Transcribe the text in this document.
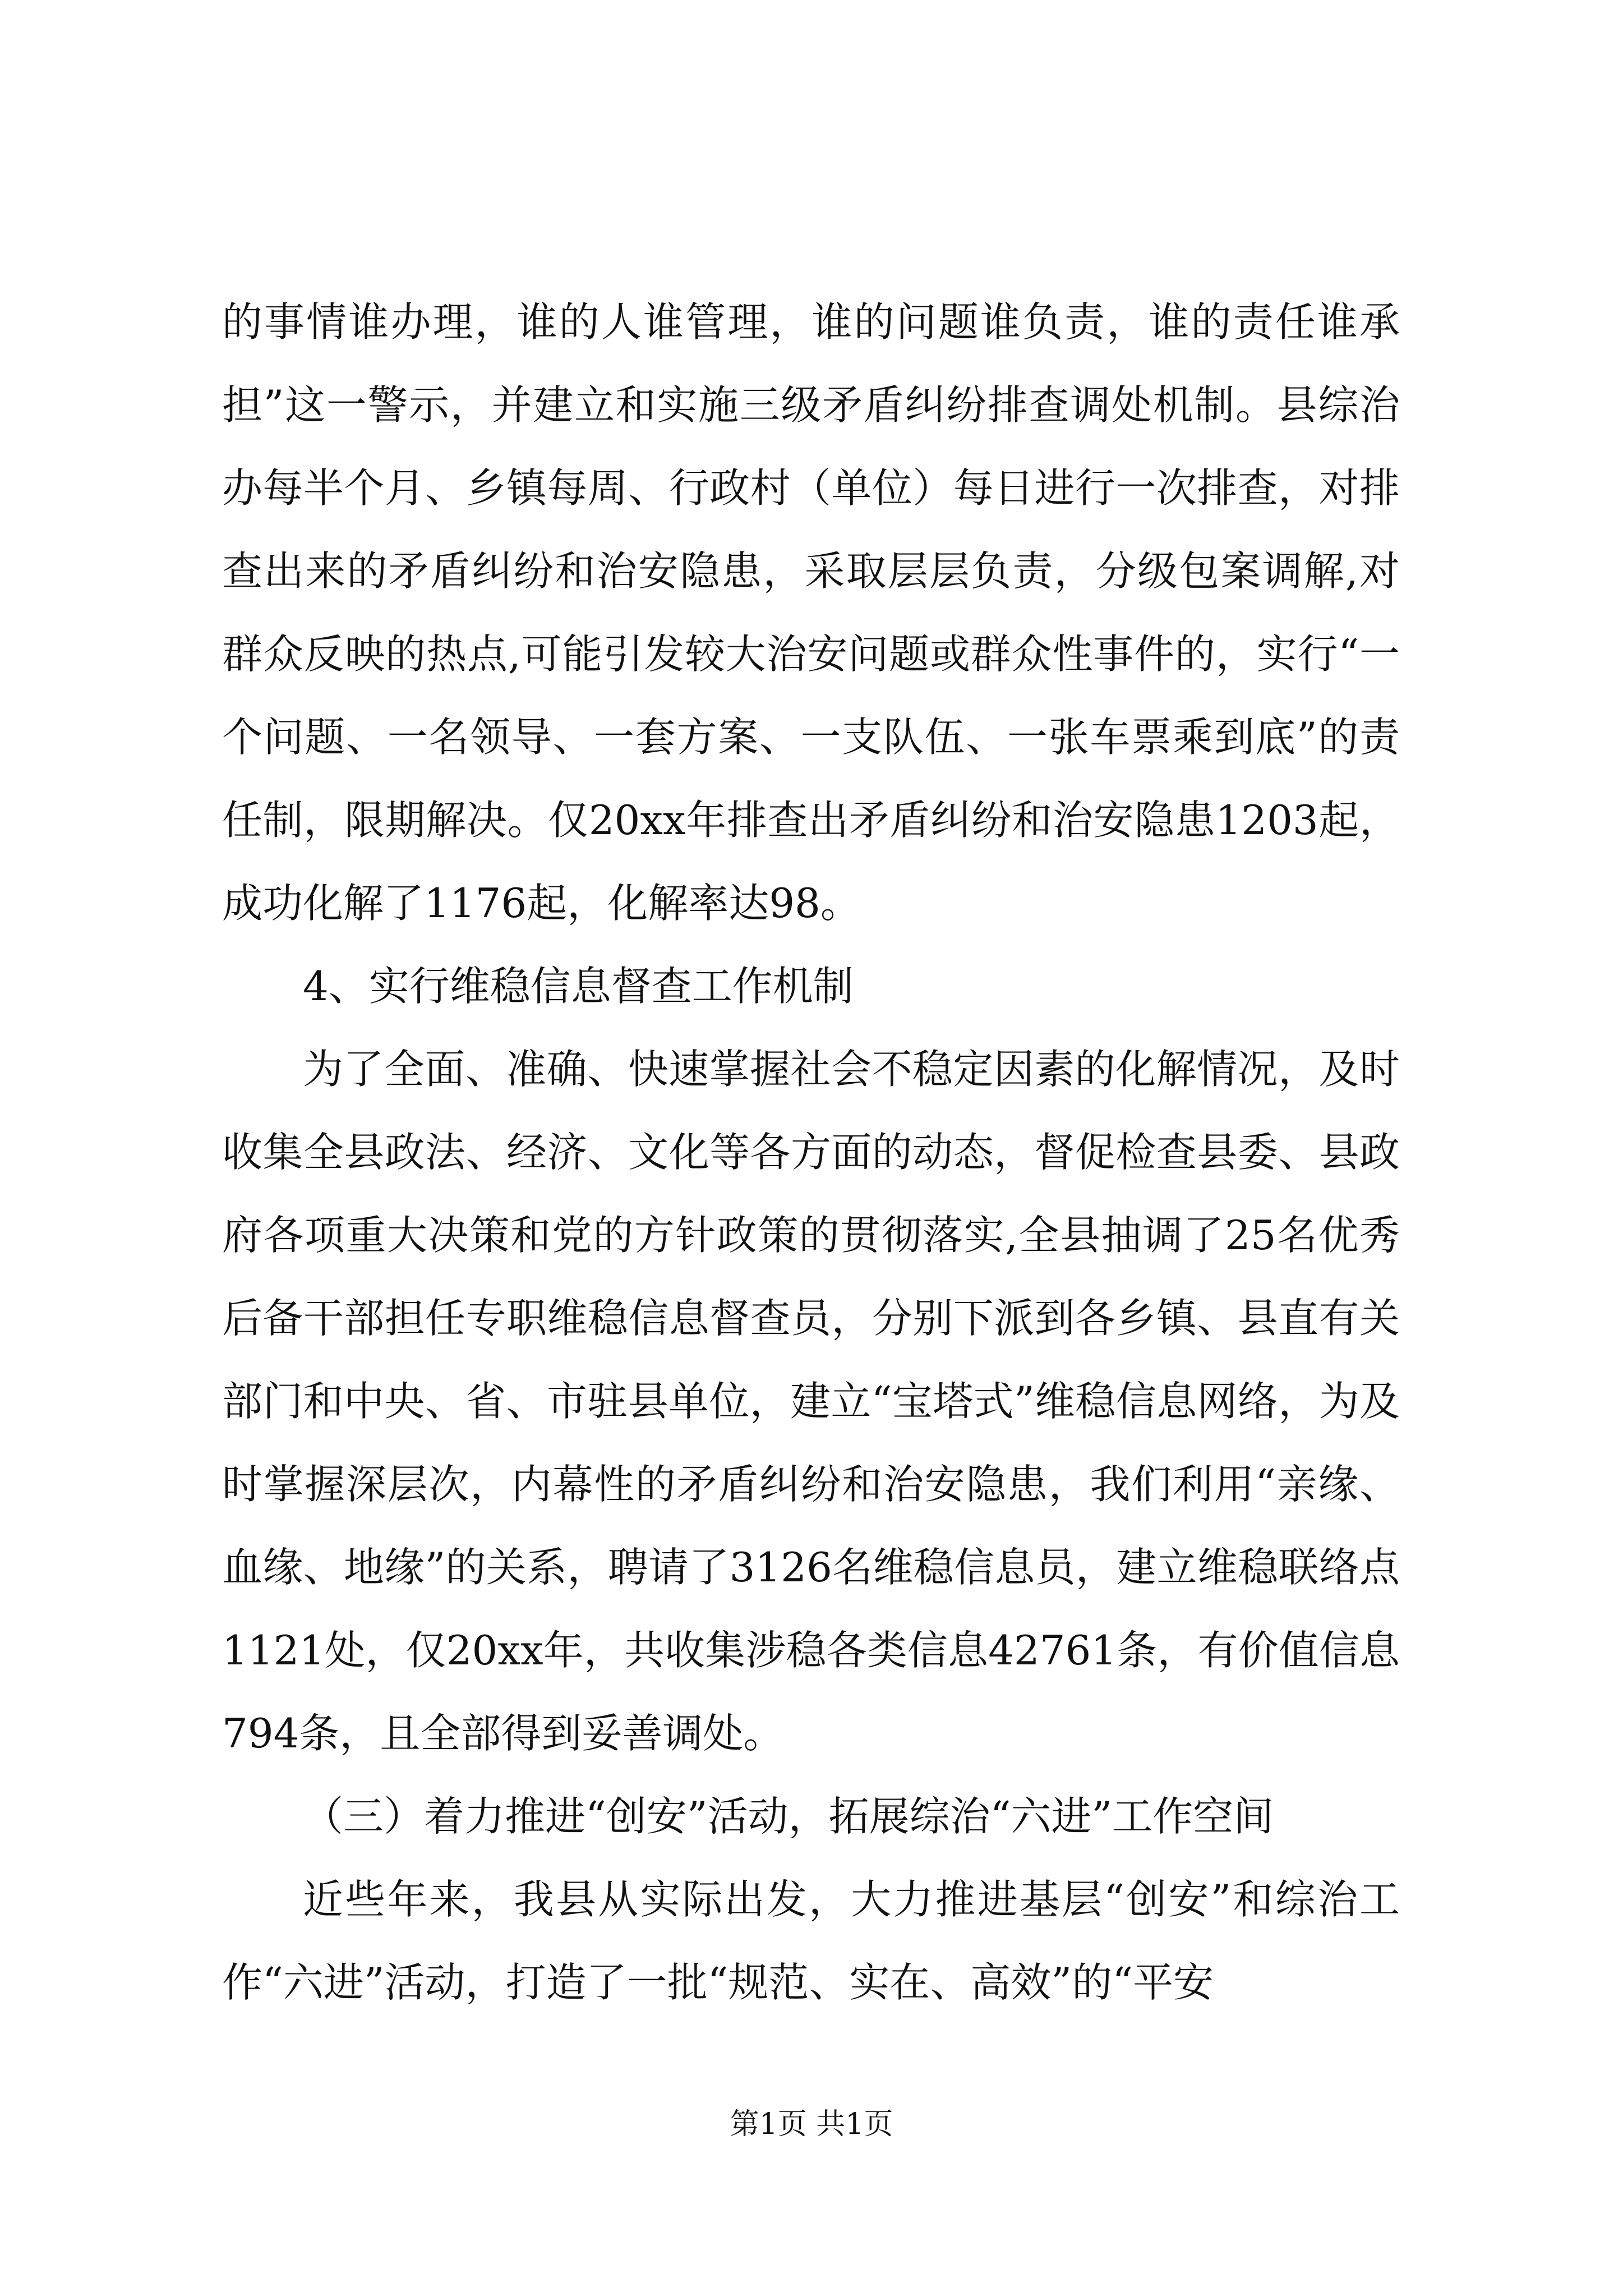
的事情谁办理，谁的人谁管理，谁的问题谁负责，谁的责任谁承担”这一警示，并建立和实施三级矛盾纠纷排查调处机制。县综治办每半个月、乡镇每周、行政村（单位）每日进行一次排查，对排查出来的矛盾纠纷和治安隐患，采取层层负责，分级包案调解,对群众反映的热点,可能引发较大治安问题或群众性事件的，实行“一个问题、一名领导、一套方案、一支队伍、一张车票乘到底”的责任制，限期解决。仅20xx年排查出矛盾纠纷和治安隐患1203起，成功化解了1176起，化解率达98。

4、实行维稳信息督查工作机制

为了全面、准确、快速掌握社会不稳定因素的化解情况，及时收集全县政法、经济、文化等各方面的动态，督促检查县委、县政府各项重大决策和党的方针政策的贯彻落实,全县抽调了25名优秀后备干部担任专职维稳信息督查员，分别下派到各乡镇、县直有关部门和中央、省、市驻县单位，建立“宝塔式”维稳信息网络，为及时掌握深层次，内幕性的矛盾纠纷和治安隐患，我们利用“亲缘、血缘、地缘”的关系，聘请了3126名维稳信息员，建立维稳联络点1121处，仅20xx年，共收集涉稳各类信息42761条，有价值信息794条，且全部得到妥善调处。

（三）着力推进“创安”活动，拓展综治“六进”工作空间

近些年来，我县从实际出发，大力推进基层“创安”和综治工作“六进”活动，打造了一批“规范、实在、高效”的“平安

第1页 共1页
